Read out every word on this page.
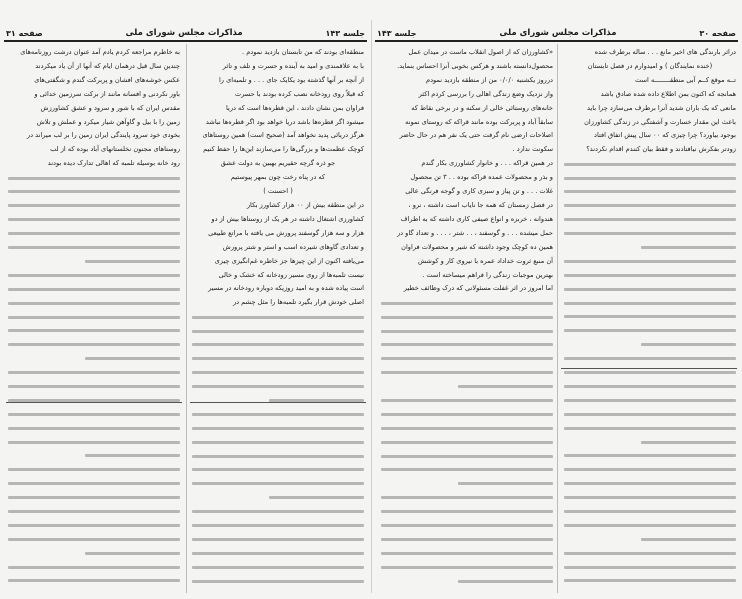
صفحه ۳۰
مذاکرات مجلس شورای ملی
جلسه ۱۴۳

دراثر بارندگی های اخیر مانع . . . ساله برطرف شده

(خنده نمایندگان ) و امیدوارم در فصل تابستان

تــه موقع کــم آبی منطقــــــــه است

همانجه که اکنون بمن اطلاع داده شده صادق باشد

مانعی که یک باران شدید آنرا برطرف می‌سازد چرا باید

باعث این مقدار خسارت و آشفتگی در زندگی کشاورزان

بوجود بیاورد؟ چرا چیزی که ۰۰ سال پیش اتفاق افتاد

زودتر بفکرش نیافتادند و فقط بیان کنندم اقدام نکردند؟

«کشاورزان که از اصول انقلاب ماست در میدان عمل

محصول‌دانسته باشند و هرکس بخوبی آنرا احساس بنماید.

درروز یکشنبه ۰/۰/۰ من از منطقه بازدید نمودم

واز نزدیک وضع زندگی اهالی را بررسی کردم اکثر

خانه‌های روستائی خالی از سکنه و در برخی نقاط که

سابقاً آباد و پربرکت بوده مانند قراکه که روستای نمونه

اصلاحات ارضی نام گرفت حتی یک نفر هم در حال حاضر

سکونت ندارد .

در همین قراکه . . . و خانوار کشاورزی بکار گندم

و بذر و محصولات عمده قراکه بوده . . ۳ تن محصول

غلات . . . و تن پیاز و سبزی کاری و گوجه فرنگی عالی

در فصل زمستان که همه جا نایاب است داشته ، نرو ،

هندوانه ، خربزه و انواع صیفی کاری داشته که به اطراف

حمل میشده . . . و گوسفند ، . . شتر ، . . . و تعداد گاو در

همین ده کوچک وجود داشته که شیر و محصولات فراوان

آن منبع ثروت خداداد عمره با نیروی کار و کوشش

بهترین موجبات زندگی را فراهم میساخته است .

اما امروز در اثر غفلت مسئولانی که درک وظائف خطیر

جلسه ۱۴۳
مذاکرات مجلس شورای ملی
صفحه ۳۱

منطقه‌ای بودند که من تابستان بازدید نمودم .

با به علاقمندی و امید به آینده و حسرت و تلف و تاثر

از آنچه بر آنها گذشته بود یکایک جای . . . و تلمبه‌ای را

که قبلاً روی رودخانه نصب کرده بودند با حسرت

فراوان بمن نشان دادند ، این قطره‌ها است که دریا

میشود اگر قطره‌ها باشد دریا خواهد بود اگر قطره‌ها نباشد

هرگز دریائی پدید نخواهد آمد (صحیح است) همین روستاهای

کوچک عظمت‌ها و بزرگی‌ها را می‌سازند این‌ها را حفظ کنیم

جو ذره گرچه حقیریم بهبین به دولت عشق

که در پناه رخت چون بمهر پیوستیم

( احسنت )

در این منطقه بیش از ۰۰ هزار کشاورز بکار

کشاورزی اشتغال داشته در هر یک از روستاها بیش از دو

هزار و سه هزار گوسفند پرورش می یافته با مراتع طبیعی

و تعدادی گاوهای شیرده اسب و استر و شتر پرورش

می‌یافته اکنون از این چیزها جز خاطره غم‌انگیزی چیزی

نیست تلمبه‌ها از روی مسیر رودخانه که خشک و خالی

است پیاده شده و به امید روزیکه دوباره رودخانه در مسیر

اصلی خودش قرار بگیرد تلمبه‌ها را مثل چشم در

به خاطرم مراجعه کردم یادم آمد عنوان درشت روزنامه‌های

چندین سال قبل درهمان ایام که آنها از آن یاد میکردند

عکس خوشه‌های افشان و پربرکت گندم و شگفتی‌های

باور نکردنی و افسانه مانند از برکت سرزمین خدائی و

مقدس ایران که با شور و سرود و عشق کشاورزش

زمین را با بیل و گاوآهن شیار میکرد و عملش و تلاش

بخودی خود سرود پایندگی ایران زمین را بر لب میراند در

روستاهای مجنون نخلستانهای آباد بوده که از لب

رود خانه بوسیله تلمبه که اهالی تدارک دیده بودند
